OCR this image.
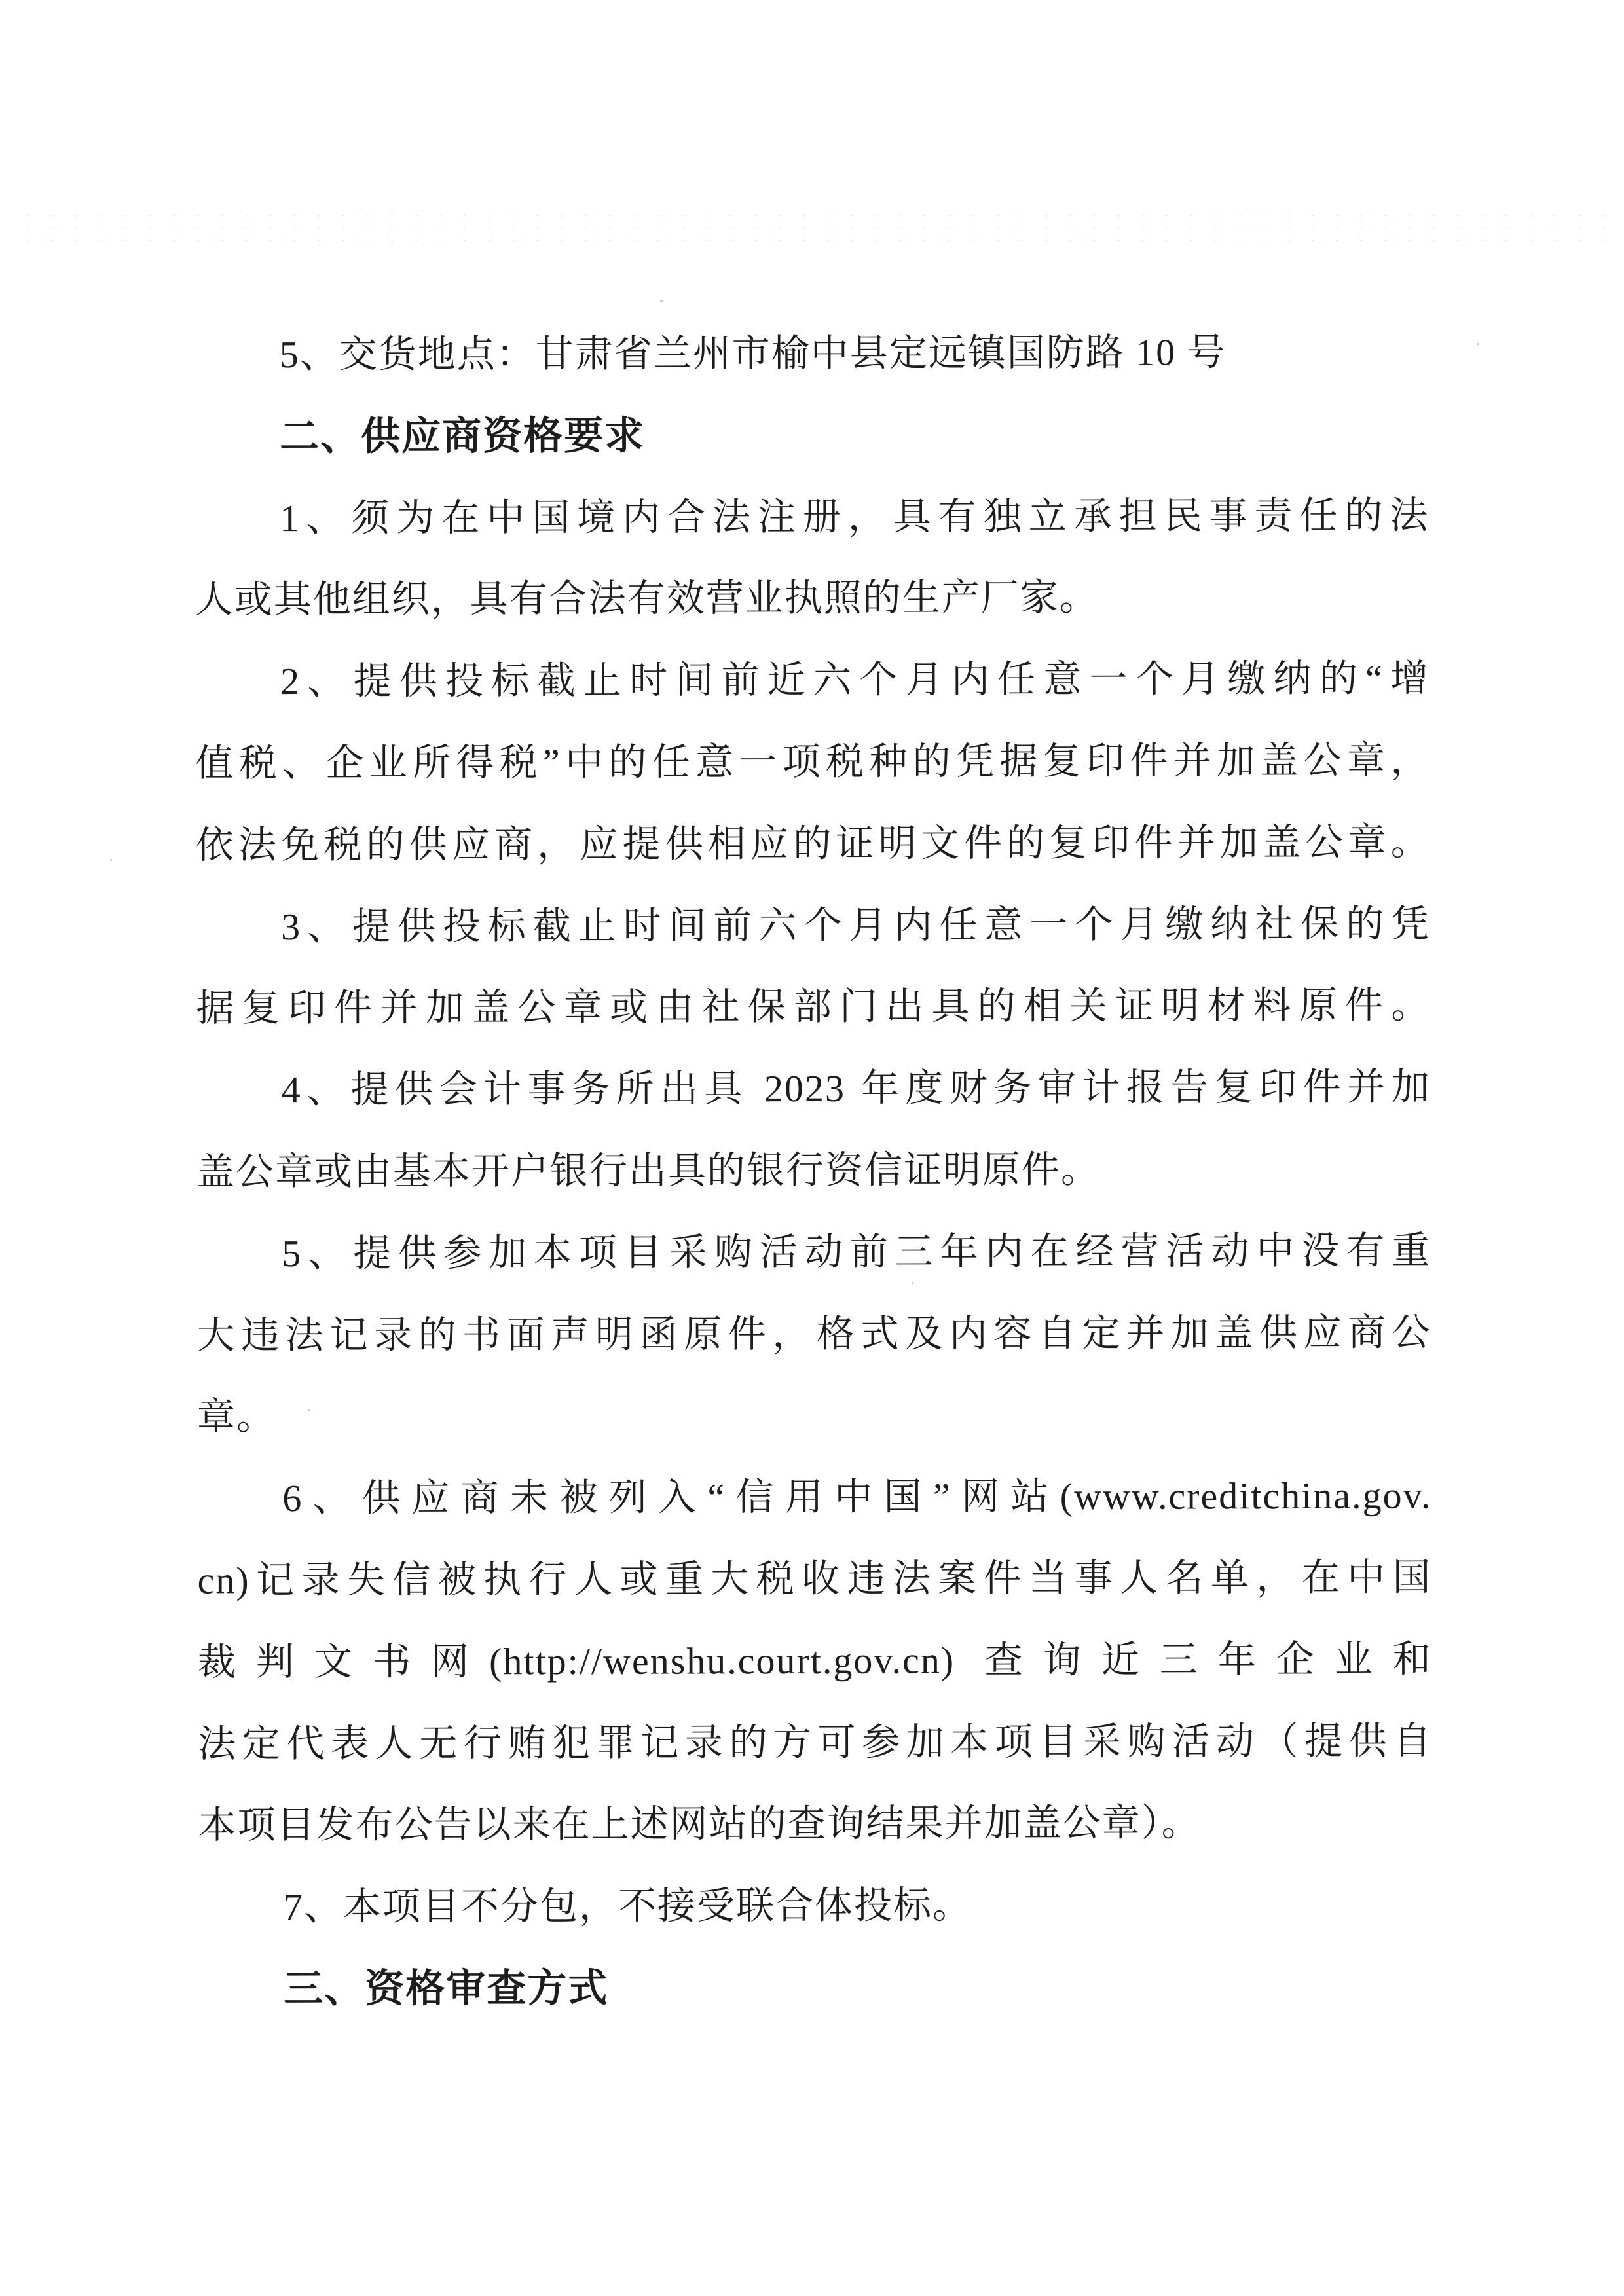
5、交货地点：甘肃省兰州市榆中县定远镇国防路 10 号
二、供应商资格要求
1、须为在中国境内合法注册，具有独立承担民事责任的法
人或其他组织，具有合法有效营业执照的生产厂家。
2、提供投标截止时间前近六个月内任意一个月缴纳的“增
值税、企业所得税”中的任意一项税种的凭据复印件并加盖公章，
依法免税的供应商，应提供相应的证明文件的复印件并加盖公章。
3、提供投标截止时间前六个月内任意一个月缴纳社保的凭
据复印件并加盖公章或由社保部门出具的相关证明材料原件。
4、提供会计事务所出具 2023 年度财务审计报告复印件并加
盖公章或由基本开户银行出具的银行资信证明原件。
5、提供参加本项目采购活动前三年内在经营活动中没有重
大违法记录的书面声明函原件，格式及内容自定并加盖供应商公
章。
6、供应商未被列入“信用中国”网站(www.creditchina.gov.
cn)记录失信被执行人或重大税收违法案件当事人名单，在中国
裁判文书网(http://wenshu.court.gov.cn) 查询近三年企业和
法定代表人无行贿犯罪记录的方可参加本项目采购活动（提供自
本项目发布公告以来在上述网站的查询结果并加盖公章）。
7、本项目不分包，不接受联合体投标。
三、资格审查方式
